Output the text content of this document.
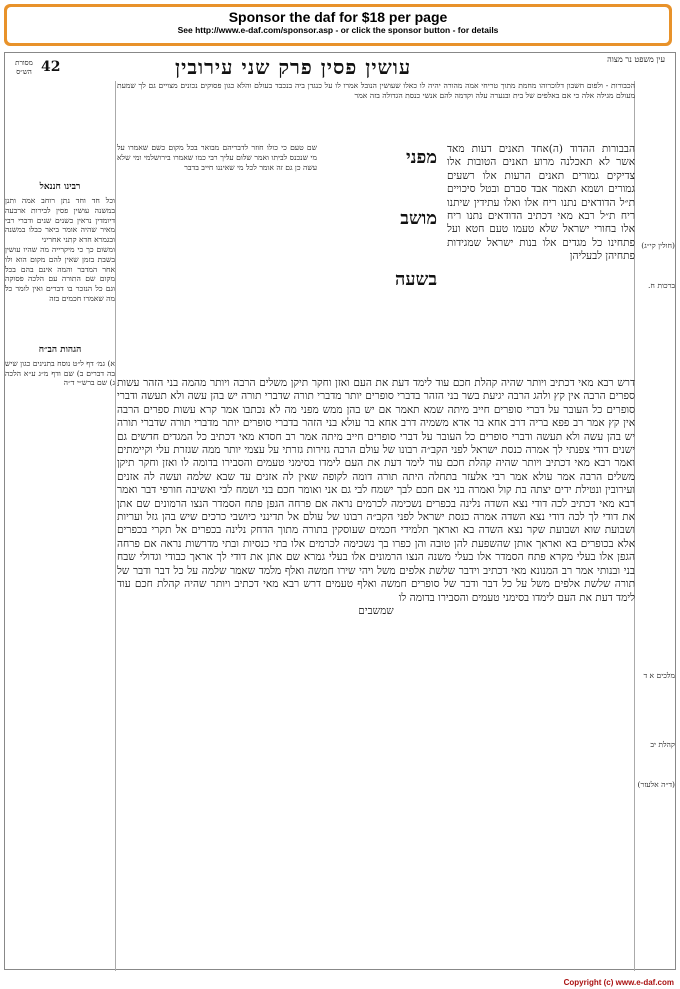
Sponsor the daf for $18 per page
See http://www.e-daf.com/sponsor.asp - or click the sponsor button - for details
42	עושין פסין פרק שני עירובין	עין משפט נר מצוה
מסורת הש״ס

(חולין קי״ג)

ברכות ח.

מלכים א ד

קהלת יב

(ד״ה אלעזר)

רבינו חננאל

וכל חד וחד נתן רוחב אמה ותנן במשנה עושין פסין לבירות ארבעה דיומדין נראין כשנים שנים ודברי רבי מאיר שהיה אומר ביאר כבלו במשנה ובגמרא חדא קתני אחריני

ומשום כך כי מיקרייה מה שהיו עושין בשבת בזמן שאין להם מקום הוא ולו אחר המדבר והמה אינם בהם בכל מקום שם התורה עם הלכה פסוקה וגם כל הנזכר בו דברים ואין לומר כל מה שאמרו חכמים בזה

הגהות הב״ח

א) גמ׳ דף ל״ט נוסח בתנינים כגון שיש בה דברים ב) שם ודף מ״ג ע״א הלכה ג) שם ברש״י ד״ה

הכבורות - ולפום חשבון דלוכרוהו מחמת מתוך טריחי אמה מהורה יהיה לו כאלו שעושין הנובל אמרו לו על כנגדן ביה בנכבד בעולם והלא כגון פסוקים נכונים מצויים גם לך שמעת מעולם מגילה אלה כי אם באלפים של בית ובנערה עלה וקדמה להם אנשי כנסת הגדולה בזה אמר

שם טעם כי כולו חוזר לדבריהם מבואר בכל מקום כשם שאמרו על מי שנכנס לביתו ואמר שלום עליך רבי כמו שאמרו בירושלמי ומי שלא עשה כן גם זה אומר לכל מי שאיננו חייב בדבר	מפני
מושב
בשעה

הבבורות ההדוד (ה)אחד תאנים דעות מאד אשר לא תאכלנה מרוע תאנים הטובות אלו צדיקים גמורים תאנים הרעות אלו רשעים גמורים ושמא תאמר אבד סברם ובטל סיכויים ת״ל הדודאים נתנו ריח אלו ואלו עתידין שיתנו ריח ת״ל רבא מאי דכתיב הדודאים נתנו ריח אלו בחורי ישראל שלא טעמו טעם חטא ועל פתחינו כל מגדים אלו בנות ישראל שמגידות פתחיהן לבעליהן

דרש רבא מאי דכתיב ויותר שהיה קהלת חכם עוד לימד דעת את העם ואזן וחקר תיקן משלים הרבה ויותר מהמה בני הזהר עשות ספרים הרבה אין קץ ולהג הרבה יגיעת בשר בני הזהר בדברי סופרים יותר מדברי תורה שדברי תורה יש בהן עשה ולא תעשה ודברי סופרים כל העובר על דברי סופרים חייב מיתה שמא תאמר אם יש בהן ממש מפני מה לא נכתבו אמר קרא עשות ספרים הרבה אין קץ אמר רב פפא בריה דרב אחא בר אדא משמיה דרב אחא בר עולא בני הזהר בדברי סופרים יותר מדברי תורה שדברי תורה יש בהן עשה ולא תעשה ודברי סופרים כל העובר על דברי סופרים חייב מיתה אמר רב חסדא מאי דכתיב כל המגדים חדשים גם ישנים דודי צפנתי לך אמרה כנסת ישראל לפני הקב״ה רבונו של עולם הרבה גזירות גזרתי על עצמי יותר ממה שגזרת עלי וקיימתים ואמר רבא מאי דכתיב ויותר שהיה קהלת חכם עוד לימד דעת את העם לימדו בסימני טעמים והסבירו בדומה לו ואזן וחקר תיקן משלים הרבה אמר עולא אמר רבי אלעזר בתחלה היתה תורה דומה לקופה שאין לה אזנים עד שבא שלמה ועשה לה אזנים ועירובין ונטילת ידים יצתה בת קול ואמרה בני אם חכם לבך ישמח לבי גם אני ואומר חכם בני ושמח לבי ואשיבה חורפי דבר ואמר רבא מאי דכתיב לכה דודי נצא השדה נלינה בכפרים נשכימה לכרמים נראה אם פרחה הגפן פתח הסמדר הנצו הרמונים שם אתן את דודי לך לכה דודי נצא השדה אמרה כנסת ישראל לפני הקב״ה רבונו של עולם אל תדינני כיושבי כרכים שיש בהן גזל ועריות ושבועת שוא ושבועת שקר נצא השדה בא ואראך תלמידי חכמים שעוסקין בתורה מתוך הדחק נלינה בכפרים אל תקרי בכפרים אלא בכופרים בא ואראך אותן שהשפעת להן טובה והן כפרו בך נשכימה לכרמים אלו בתי כנסיות ובתי מדרשות נראה אם פרחה הגפן אלו בעלי מקרא פתח הסמדר אלו בעלי משנה הנצו הרמונים אלו בעלי גמרא שם אתן את דודי לך אראך כבודי וגדולי שבח בני ובנותי אמר רב המנונא מאי דכתיב וידבר שלשת אלפים משל ויהי שירו חמשה ואלף מלמד שאמר שלמה על כל דבר ודבר של תורה שלשת אלפים משל על כל דבר ודבר של סופרים חמשה ואלף טעמים דרש רבא מאי דכתיב ויותר שהיה קהלת חכם עוד לימד דעת את העם לימדו בסימני טעמים והסבירו בדומה לו

שמשבים

Copyright (c) www.e-daf.com
